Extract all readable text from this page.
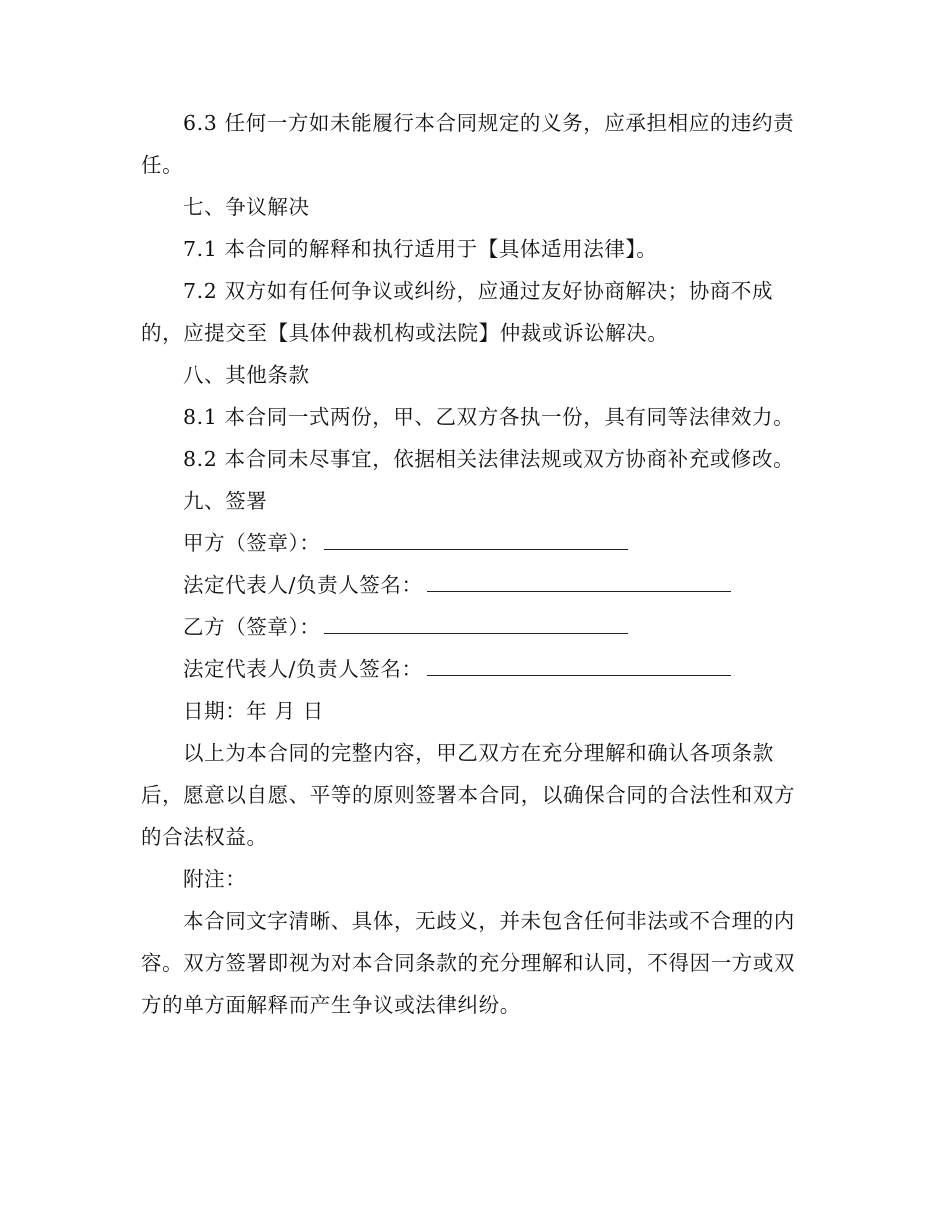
6.3 任何一方如未能履行本合同规定的义务，应承担相应的违约责任。

七、争议解决

7.1 本合同的解释和执行适用于【具体适用法律】。

7.2 双方如有任何争议或纠纷，应通过友好协商解决；协商不成的，应提交至【具体仲裁机构或法院】仲裁或诉讼解决。

八、其他条款

8.1 本合同一式两份，甲、乙双方各执一份，具有同等法律效力。

8.2 本合同未尽事宜，依据相关法律法规或双方协商补充或修改。

九、签署

甲方（签章）：
法定代表人/负责人签名：
乙方（签章）：
法定代表人/负责人签名：
日期：年 月 日

以上为本合同的完整内容，甲乙双方在充分理解和确认各项条款后，愿意以自愿、平等的原则签署本合同，以确保合同的合法性和双方的合法权益。

附注：

本合同文字清晰、具体，无歧义，并未包含任何非法或不合理的内容。双方签署即视为对本合同条款的充分理解和认同，不得因一方或双方的单方面解释而产生争议或法律纠纷。
